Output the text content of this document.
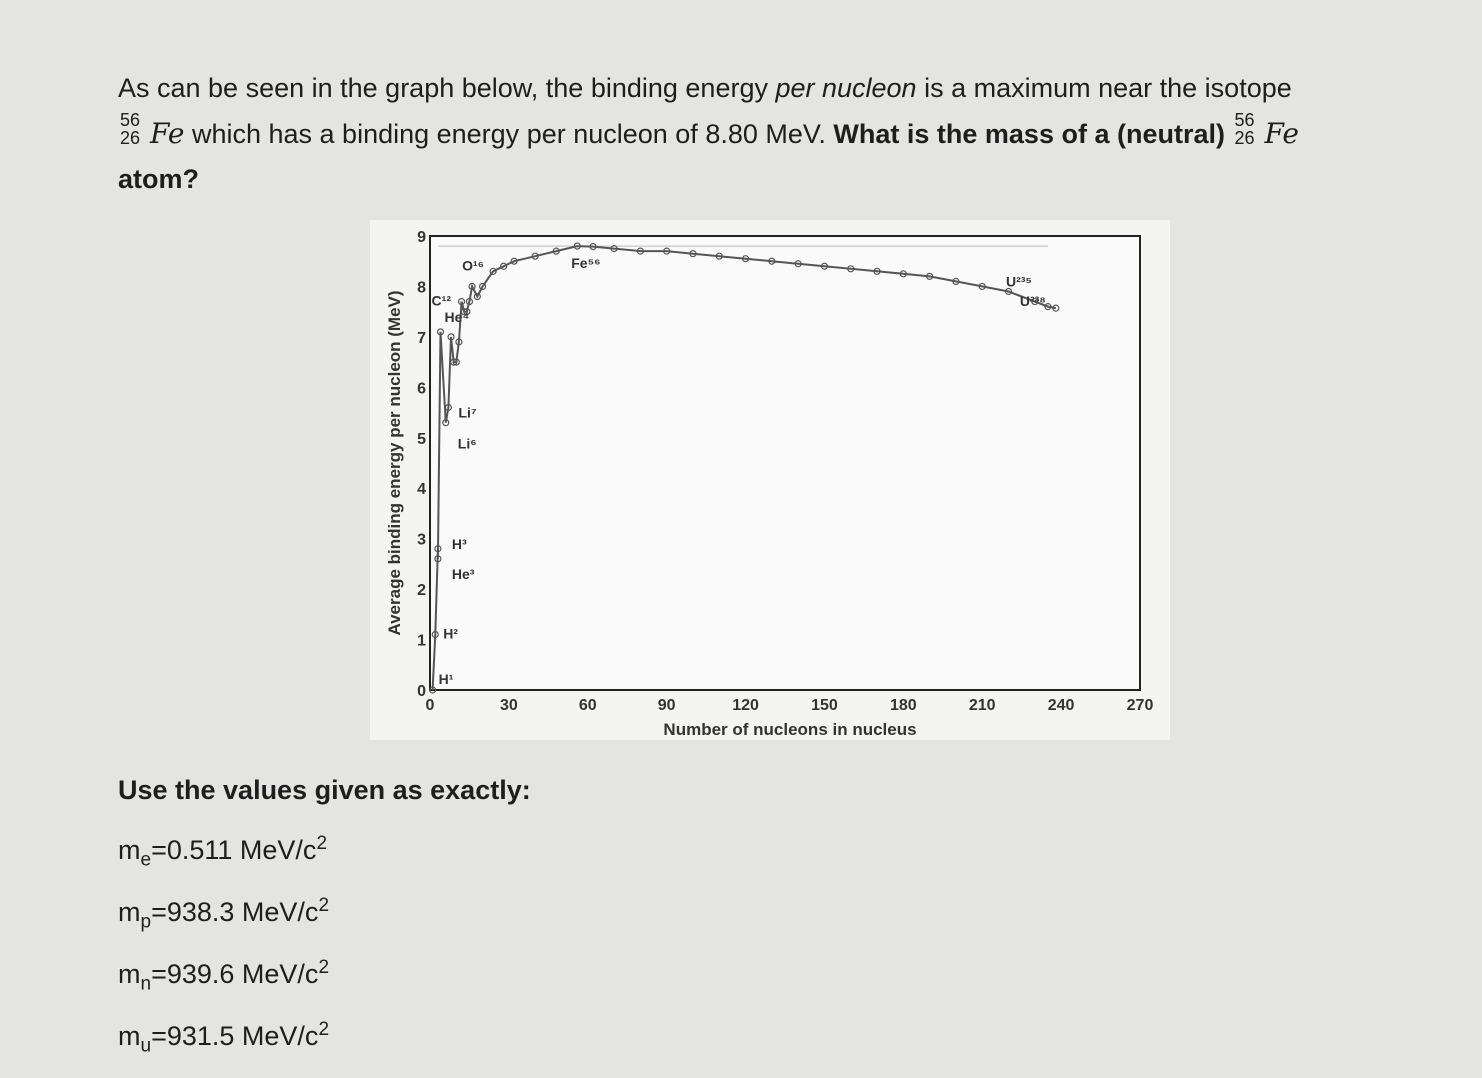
As can be seen in the graph below, the binding energy per nucleon is a maximum near the isotope

56
26 Fe which has a binding energy per nucleon of 8.80 MeV. What is the mass of a (neutral) 56
26 Fe
atom?

0
1
2
3
4
5
6
7
8
9
0	30	60	90	120	150	180	210	240	270
H¹
H²
H³
He³
He⁴
Li⁷
Li⁶
C¹²
O¹⁶	Fe⁵⁶
U²³⁵
U²³⁸
Number of nucleons in nucleus
Average binding energy per nucleon (MeV)
Use the values given as exactly:
$m_e=0.511$ MeV/$c^2$
$m_p=938.3$ MeV/$c^2$
$m_n=939.6$ MeV/$c^2$
$m_u=931.5$ MeV/$c^2$
